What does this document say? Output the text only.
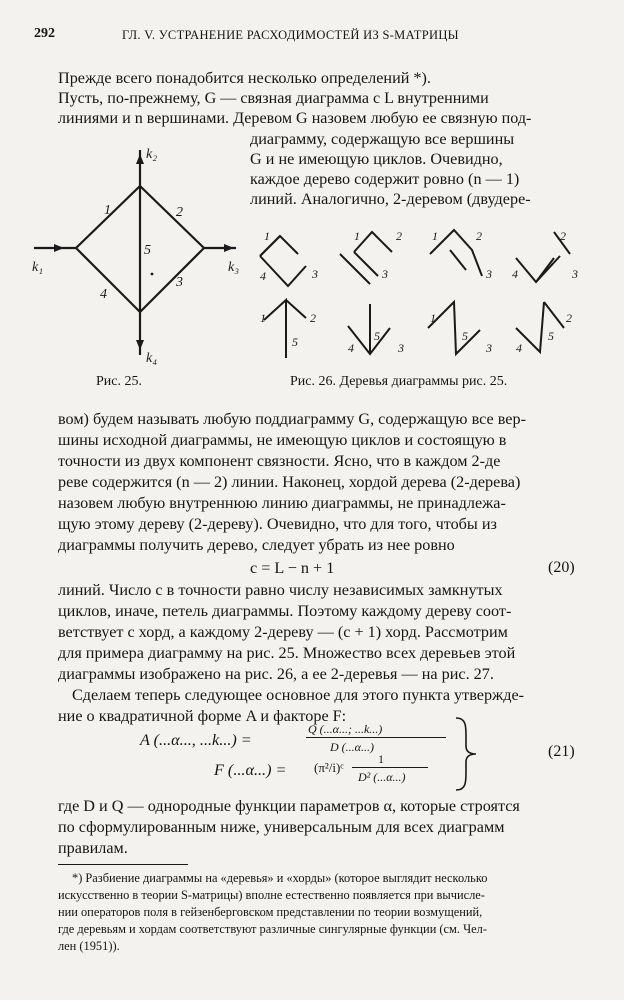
292	ГЛ. V. УСТРАНЕНИЕ РАСХОДИМОСТЕЙ ИЗ S-МАТРИЦЫ
Прежде всего понадобится несколько определений *).
Пусть, по-прежнему, G — связная диаграмма с L внутренними
линиями и n вершинами. Деревом G назовем любую ее связную под-
диаграмму, содержащую все вершины
G и не имеющую циклов. Очевидно,
каждое дерево содержит ровно (n — 1)
линий. Аналогично, 2-деревом (двудере-
k₁
k₂
k₃
k₄
1	2
3
4
5
Рис. 25.
1
4	3
1	2
3
1	2
3
2
4	3
1	2
5	5
4	3
1
5
3
2
5
4
Рис. 26. Деревья диаграммы рис. 25.
вом) будем называть любую поддиаграмму G, содержащую все вер-
шины исходной диаграммы, не имеющую циклов и состоящую в
точности из двух компонент связности. Ясно, что в каждом 2-де
реве содержится (n — 2) линии. Наконец, хордой дерева (2-дерева)
назовем любую внутреннюю линию диаграммы, не принадлежа-
щую этому дереву (2-дереву). Очевидно, что для того, чтобы из
диаграммы получить дерево, следует убрать из нее ровно
c = L − n + 1	(20)
линий. Число c в точности равно числу независимых замкнутых
циклов, иначе, петель диаграммы. Поэтому каждому дереву соот-
ветствует c хорд, а каждому 2-дереву — (c + 1) хорд. Рассмотрим
для примера диаграмму на рис. 25. Множество всех деревьев этой
диаграммы изображено на рис. 26, а ее 2-деревья — на рис. 27.
Сделаем теперь следующее основное для этого пункта утвержде-
ние о квадратичной форме A и факторе F:
A (...α..., ...k...) =
Q (...α...; ...k...)
D (...α...)
F (...α...) = (π²/i)ᶜ
1
D² (...α...)
(21)
где D и Q — однородные функции параметров α, которые строятся
по сформулированным ниже, универсальным для всех диаграмм
правилам.
*) Разбиение диаграммы на «деревья» и «хорды» (которое выглядит несколько
искусственно в теории S-матрицы) вполне естественно появляется при вычисле-
нии операторов поля в гейзенберговском представлении по теории возмущений,
где деревьям и хордам соответствуют различные сингулярные функции (см. Чел-
лен (1951)).
